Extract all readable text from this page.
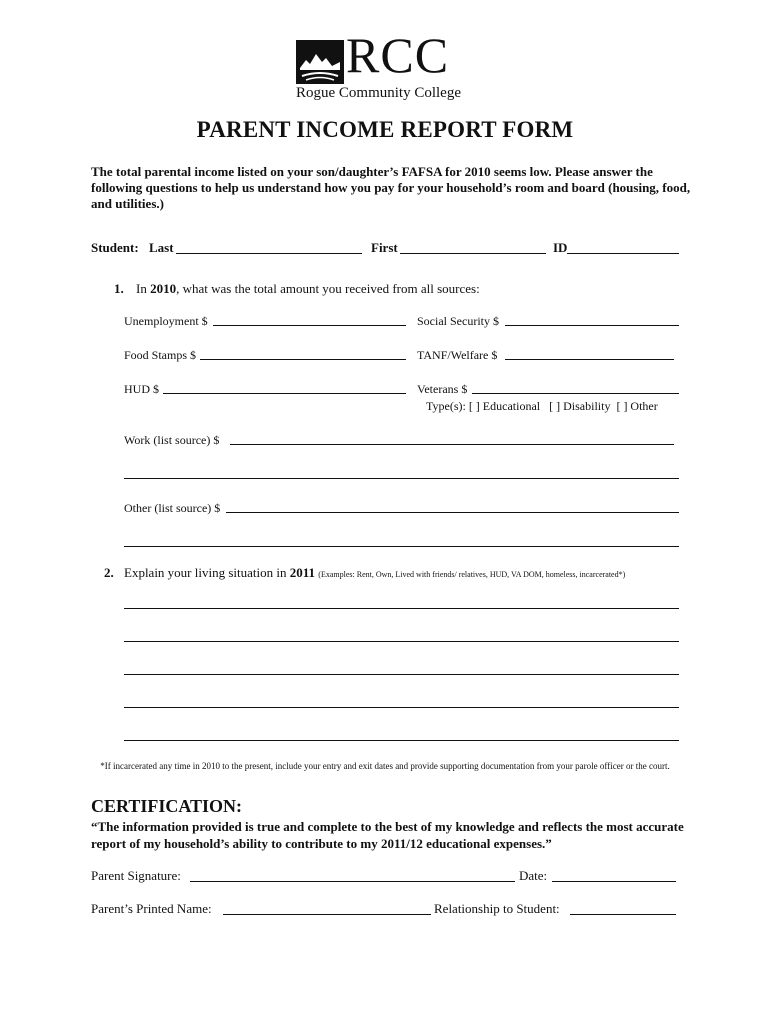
RCC
Rogue Community College
PARENT INCOME REPORT FORM
The total parental income listed on your son/daughter’s FAFSA for 2010 seems low. Please answer the following questions to help us understand how you pay for your household’s room and board (housing, food, and utilities.)
Student: Last	First	ID
1. In 2010, what was the total amount you received from all sources:
Unemployment $	Social Security $
Food Stamps $	TANF/Welfare $
HUD $	Veterans $
Type(s): [ ] Educational   [ ] Disability  [ ] Other
Work (list source) $
Other (list source) $
2. Explain your living situation in 2011 (Examples: Rent, Own, Lived with friends/ relatives, HUD, VA DOM, homeless, incarcerated*)
*If incarcerated any time in 2010 to the present, include your entry and exit dates and provide supporting documentation from your parole officer or the court.
CERTIFICATION:
“The information provided is true and complete to the best of my knowledge and reflects the most accurate report of my household’s ability to contribute to my 2011/12 educational expenses.”
Parent Signature:	Date:
Parent’s Printed Name:	Relationship to Student:
